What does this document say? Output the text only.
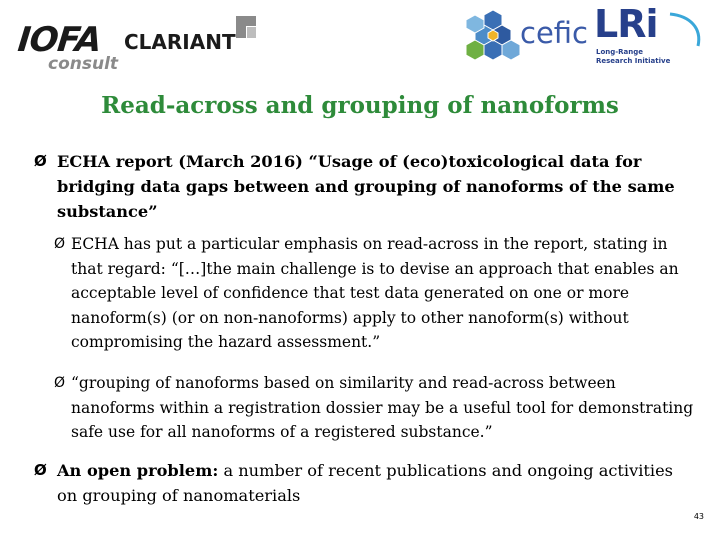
IOFA
consult
CLARIANT	cefic LRi
Long-Range
Research Initiative
Read-across and grouping of nanoforms
Ø ECHA report (March 2016) “Usage of (eco)toxicological data for bridging data gaps between and grouping of nanoforms of the same substance”
Ø ECHA has put a particular emphasis on read-across in the report, stating in that regard: “[…]the main challenge is to devise an approach that enables an acceptable level of confidence that test data generated on one or more nanoform(s) (or on non-nanoforms) apply to other nanoform(s) without compromising the hazard assessment.”
Ø “grouping of nanoforms based on similarity and read-across between nanoforms within a registration dossier may be a useful tool for demonstrating safe use for all nanoforms of a registered substance.”
Ø An open problem: a number of recent publications and ongoing activities on grouping of nanomaterials
43
